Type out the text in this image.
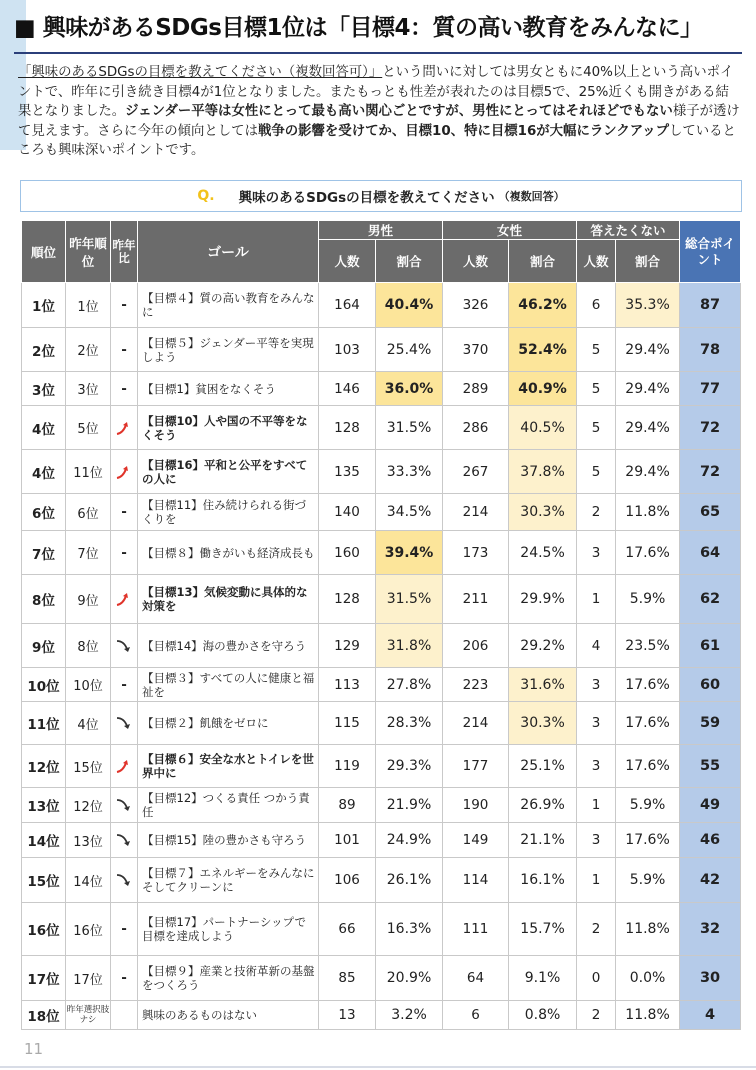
■ 興味があるSDGs目標1位は「目標4：質の高い教育をみんなに」
「興味のあるSDGsの目標を教えてください（複数回答可）」という問いに対しては男女ともに40%以上という高いポイントで、昨年に引き続き目標4が1位となりました。またもっとも性差が表れたのは目標5で、25%近くも開きがある結果となりました。ジェンダー平等は女性にとって最も高い関心ごとですが、男性にとってはそれほどでもない様子が透けて見えます。さらに今年の傾向としては戦争の影響を受けてか、目標10、特に目標16が大幅にランクアップしているところも興味深いポイントです。
Q. 興味のあるSDGsの目標を教えてください （複数回答）
順位	昨年順位	昨年比	ゴール	男性		女性		答えたくない		総合ポイント
				人数	割合	人数	割合	人数	割合	
1位	1位	-	【目標４】質の高い教育をみんなに	164	40.4%	326	46.2%	6	35.3%	87
2位	2位	-	【目標５】ジェンダー平等を実現しよう	103	25.4%	370	52.4%	5	29.4%	78
3位	3位	-	【目標1】貧困をなくそう	146	36.0%	289	40.9%	5	29.4%	77
4位	5位		【目標10】人や国の不平等をなくそう	128	31.5%	286	40.5%	5	29.4%	72
4位	11位		【目標16】平和と公平をすべての人に	135	33.3%	267	37.8%	5	29.4%	72
6位	6位	-	【目標11】住み続けられる街づくりを	140	34.5%	214	30.3%	2	11.8%	65
7位	7位	-	【目標８】働きがいも経済成長も	160	39.4%	173	24.5%	3	17.6%	64
8位	9位		【目標13】気候変動に具体的な対策を	128	31.5%	211	29.9%	1	5.9%	62
9位	8位		【目標14】海の豊かさを守ろう	129	31.8%	206	29.2%	4	23.5%	61
10位	10位	-	【目標３】すべての人に健康と福祉を	113	27.8%	223	31.6%	3	17.6%	60
11位	4位		【目標２】飢餓をゼロに	115	28.3%	214	30.3%	3	17.6%	59
12位	15位		【目標６】安全な水とトイレを世界中に	119	29.3%	177	25.1%	3	17.6%	55
13位	12位		【目標12】つくる責任 つかう責任	89	21.9%	190	26.9%	1	5.9%	49
14位	13位		【目標15】陸の豊かさも守ろう	101	24.9%	149	21.1%	3	17.6%	46
15位	14位		【目標７】エネルギーをみんなに そしてクリーンに	106	26.1%	114	16.1%	1	5.9%	42
16位	16位	-	【目標17】パートナーシップで目標を達成しよう	66	16.3%	111	15.7%	2	11.8%	32
17位	17位	-	【目標９】産業と技術革新の基盤をつくろう	85	20.9%	64	9.1%	0	0.0%	30
18位	昨年選択肢ナシ		興味のあるものはない	13	3.2%	6	0.8%	2	11.8%	4
11
